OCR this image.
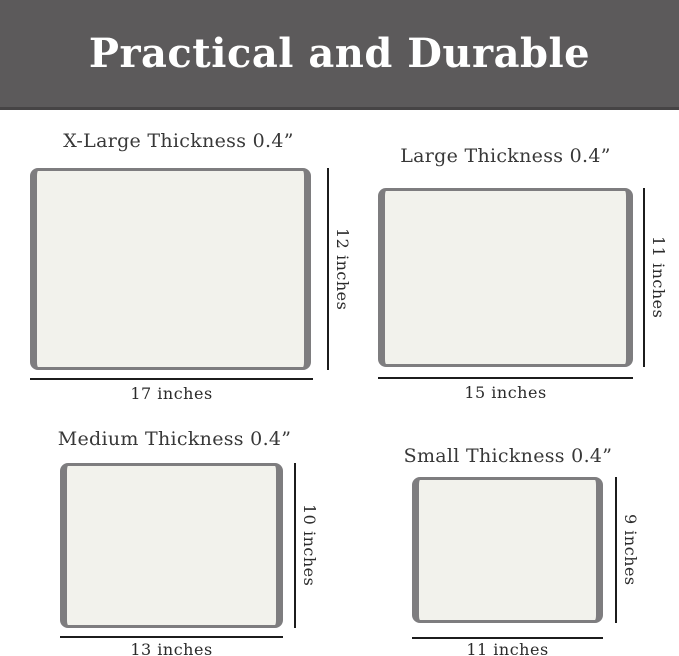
Practical and Durable
X-Large Thickness 0.4”
12 inches
17 inches
Large Thickness 0.4”
11 inches
15 inches
Medium Thickness 0.4”
10 inches
13 inches
Small Thickness 0.4”
9 inches
11 inches
